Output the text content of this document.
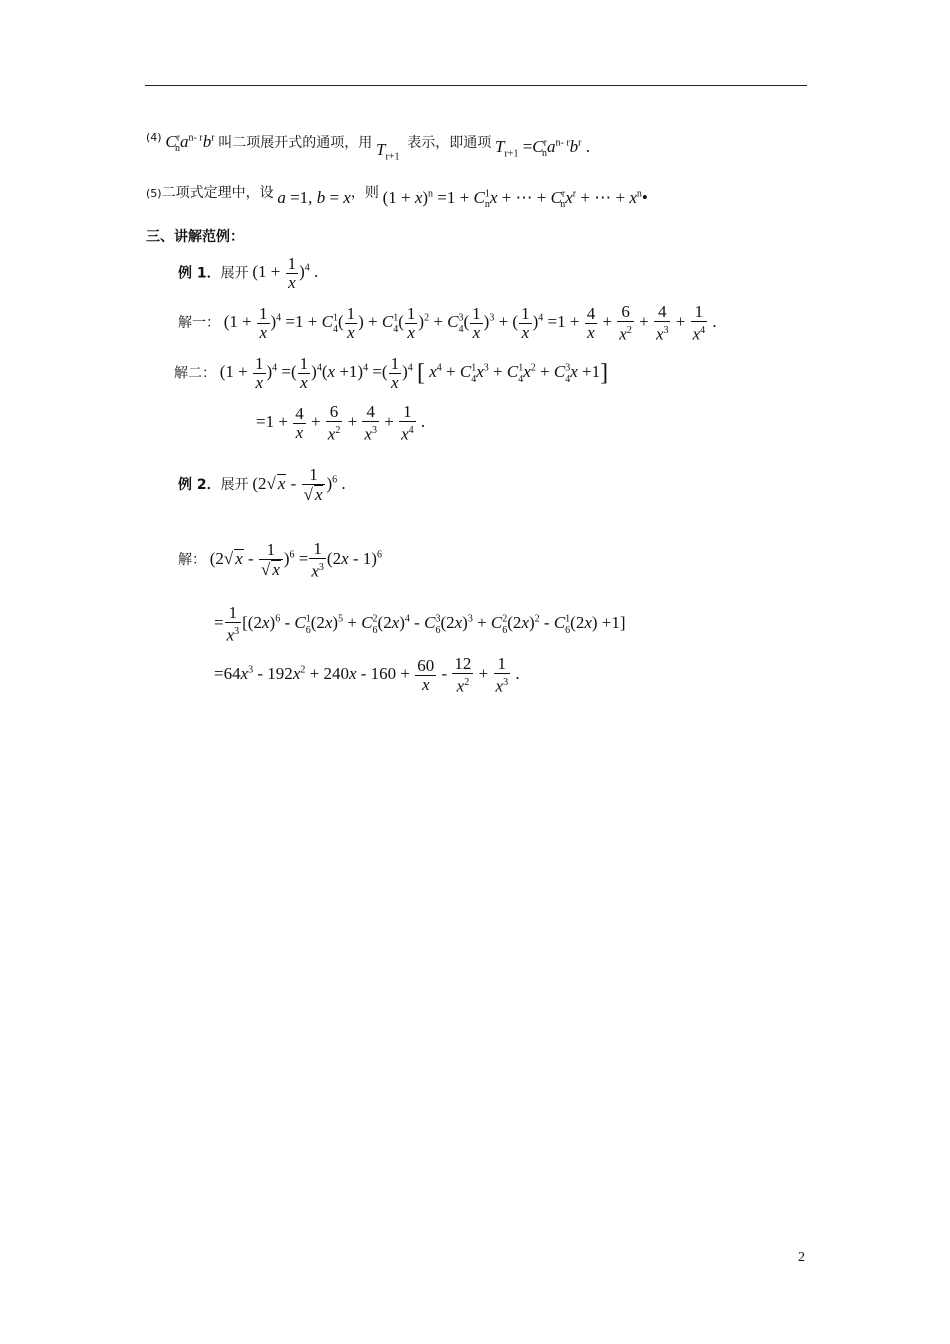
$^{(4)}$ $C^r_na^{n- r}b^r$ 叫二项展开式的通项，用 $T_{r+1}$ 表示，即通项 $T_{r+1} =C^r_na^{n- r}b^r$ .
(5)二项式定理中，设 a =1, b = x，则 $(1 + x)^n =1 + C^1_nx$ + ⋯ + $C^r_nx^r$ + ⋯ + $x^n•$
三、讲解范例：
例 1．展开 $(1 + \frac{1}{x} )^4$ .
解一： $(1 + \frac{1}{x} )^4 =1 + C^1_4( \frac{1}{x}$ ) + $C^1_4( \frac{1}{x} )^2 + C^3_4( \frac{1}{x} )^3$ + ( $\frac{1}{x} )^4 =1 + \frac{4}{x} + \frac{6}{x^2} + \frac{4}{x^3} + \frac{1}{x^4}$ .
解二： $(1 + \frac{1}{x} )^4$ =( $\frac{1}{x} )^4(x +1)^4$ =( $\frac{1}{x} )^4$ [ $x^4 + C^1_4x^3 + C^1_4x^2 + C^3_4x +1$]
$=1 + \frac{4}{x} + \frac{6}{x^2} + \frac{4}{x^3} + \frac{1}{x^4}$ .
例 2．展开 (2√ x - $\frac{1}{√ x} )^6$ .
解： (2√ $x - \frac{1}{√ x} )^6 = \frac{1}{x^3} (2x - 1)^6$
= $\frac{1}{x^3} [(2x)^6 - C^1_6(2x)^5 + C^2_6(2x)^4 - C^3_6(2x)^3 + C^2_6(2x)^2 - C^1_6(2x) +1]$
$=64x^3 - 192x^2 + 240x - 160 + \frac{60}{x} - \frac{12}{x^2} + \frac{1}{x^3}$ .
2
